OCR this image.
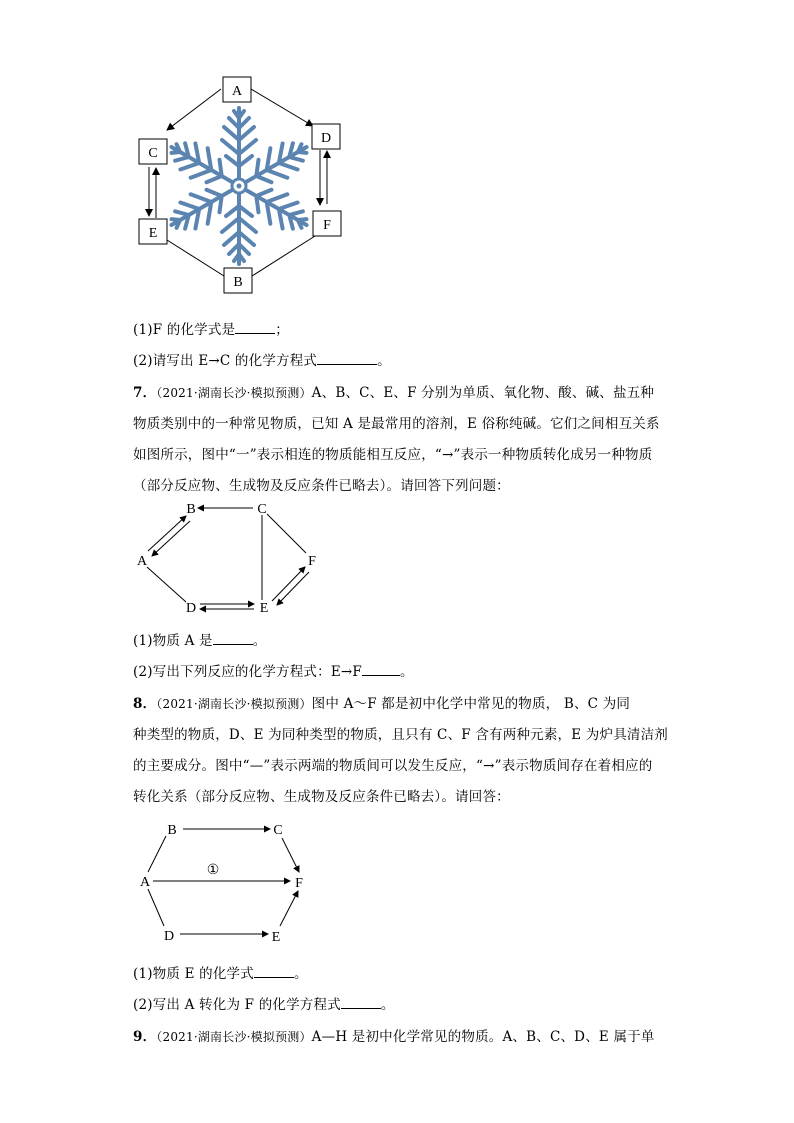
A
C
D
E
F
B
(1)F 的化学式是	；
(2)请写出 E→C 的化学方程式	。
7．（2021·湖南长沙·模拟预测）A、B、C、E、F 分别为单质、氧化物、酸、碱、盐五种
物质类别中的一种常见物质，已知 A 是最常用的溶剂，E 俗称纯碱。它们之间相互关系
如图所示，图中“一”表示相连的物质能相互反应，“→”表示一种物质转化成另一种物质
（部分反应物、生成物及反应条件已略去）。请回答下列问题：
B	C
A	F
D	E
(1)物质 A 是	。
(2)写出下列反应的化学方程式：E→F	。
8．（2021·湖南长沙·模拟预测）图中 A～F 都是初中化学中常见的物质， B、C 为同
种类型的物质，D、E 为同种类型的物质，且只有 C、F 含有两种元素，E 为炉具清洁剂
的主要成分。图中“—”表示两端的物质间可以发生反应，“→”表示物质间存在着相应的
转化关系（部分反应物、生成物及反应条件已略去）。请回答：
B	C
A	F
D	E
①
(1)物质 E 的化学式	。
(2)写出 A 转化为 F 的化学方程式	。
9．（2021·湖南长沙·模拟预测）A—H 是初中化学常见的物质。A、B、C、D、E 属于单
